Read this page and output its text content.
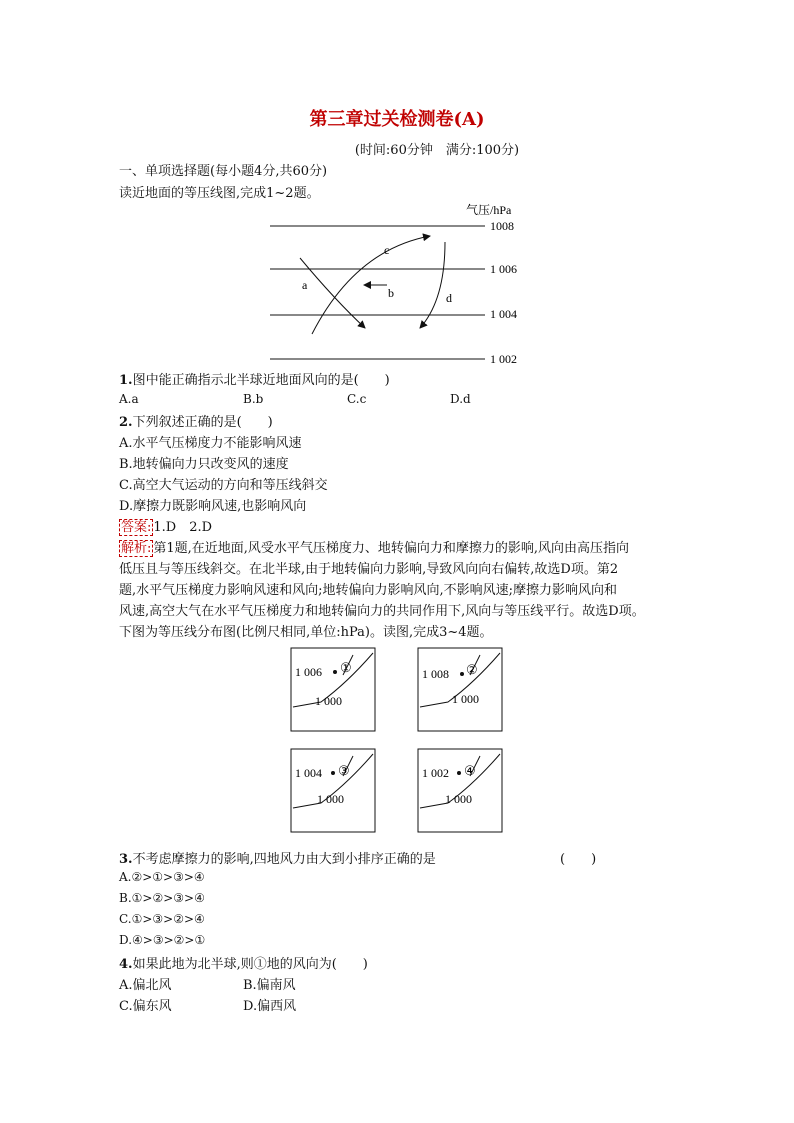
第三章过关检测卷(A)
(时间:60分钟　满分:100分)
一、单项选择题(每小题4分,共60分)
读近地面的等压线图,完成1~2题。
气压/hPa
1008
1 006
1 004
1 002
a
b
c
d
1.图中能正确指示北半球近地面风向的是(　　)
A.a	B.b	C.c	D.d
2.下列叙述正确的是(　　)
A.水平气压梯度力不能影响风速
B.地转偏向力只改变风的速度
C.高空大气运动的方向和等压线斜交
D.摩擦力既影响风速,也影响风向
答案: 1.D　2.D
解析: 第1题,在近地面,风受水平气压梯度力、地转偏向力和摩擦力的影响,风向由高压指向
低压且与等压线斜交。在北半球,由于地转偏向力影响,导致风向向右偏转,故选D项。第2
题,水平气压梯度力影响风速和风向;地转偏向力影响风向,不影响风速;摩擦力影响风向和
风速,高空大气在水平气压梯度力和地转偏向力的共同作用下,风向与等压线平行。故选D项。
下图为等压线分布图(比例尺相同,单位:hPa)。读图,完成3~4题。
1 006 ①
1 000
1 008 ②
1 000
1 004 ③
1 000
1 002 ④
1 000
3.不考虑摩擦力的影响,四地风力由大到小排序正确的是	(　　)
A.②>①>③>④
B.①>②>③>④
C.①>③>②>④
D.④>③>②>①
4.如果此地为北半球,则①地的风向为(　　)
A.偏北风	B.偏南风
C.偏东风	D.偏西风
